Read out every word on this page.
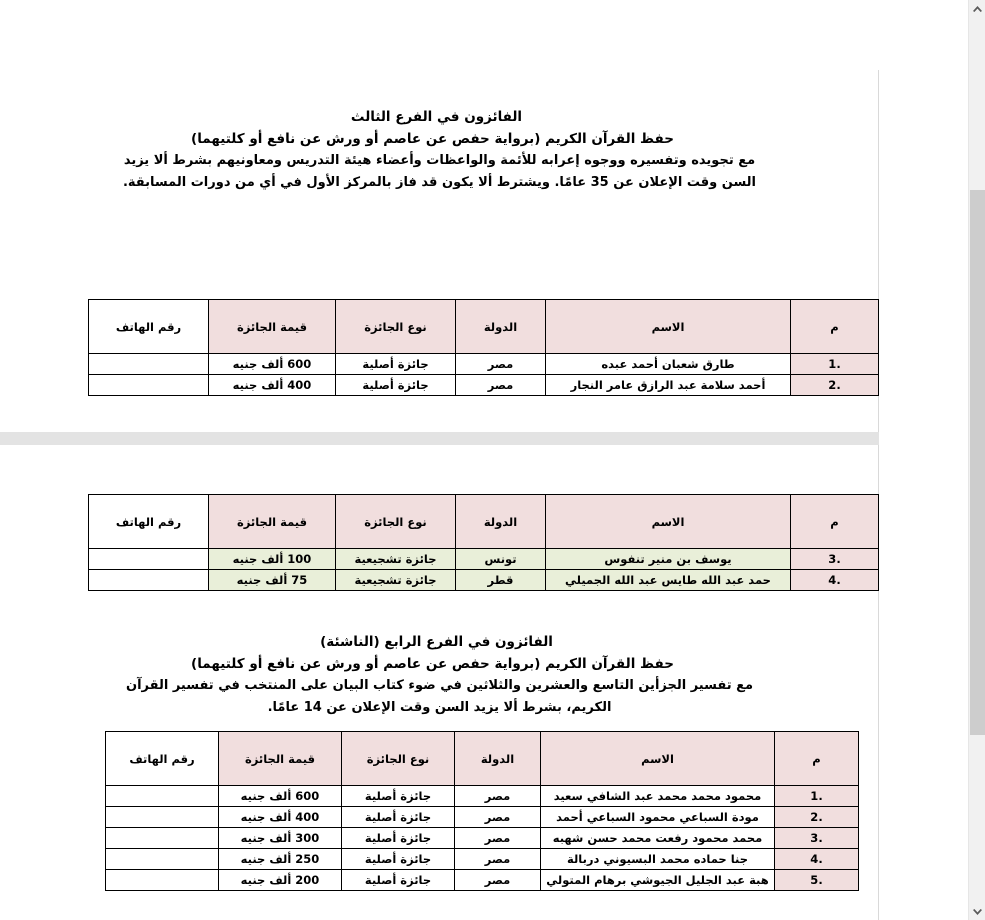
الفائزون في الفرع الثالث
حفظ القرآن الكريم (برواية حفص عن عاصم أو ورش عن نافع أو كلتيهما)
مع تجويده وتفسيره ووجوه إعرابه للأئمة والواعظات وأعضاء هيئة التدريس ومعاونيهم بشرط ألا يزيد
السن وقت الإعلان عن 35 عامًا. ويشترط ألا يكون قد فاز بالمركز الأول في أي من دورات المسابقة.
م	الاسم	الدولة	نوع الجائزة	قيمة الجائزة	رقم الهاتف
.1	طارق شعبان أحمد عبده	مصر	جائزة أصلية	600 ألف جنيه	
.2	أحمد سلامة عبد الرازق عامر النجار	مصر	جائزة أصلية	400 ألف جنيه	
م	الاسم	الدولة	نوع الجائزة	قيمة الجائزة	رقم الهاتف
.3	يوسف بن منير تنفوس	تونس	جائزة تشجيعية	100 ألف جنيه	
.4	حمد عبد الله طايس عبد الله الجميلي	قطر	جائزة تشجيعية	75 ألف جنيه	
الفائزون في الفرع الرابع (الناشئة)
حفظ القرآن الكريم (برواية حفص عن عاصم أو ورش عن نافع أو كلتيهما)
مع تفسير الجزأين التاسع والعشرين والثلاثين في ضوء كتاب البيان على المنتخب في تفسير القرآن
الكريم، بشرط ألا يزيد السن وقت الإعلان عن 14 عامًا.
م	الاسم	الدولة	نوع الجائزة	قيمة الجائزة	رقم الهاتف
.1	محمود محمد محمد عبد الشافي سعيد	مصر	جائزة أصلية	600 ألف جنيه	
.2	مودة السباعي محمود السباعي أحمد	مصر	جائزة أصلية	400 ألف جنيه	
.3	محمد محمود رفعت محمد حسن شهبه	مصر	جائزة أصلية	300 ألف جنيه	
.4	جنا حماده محمد البسيوني دربالة	مصر	جائزة أصلية	250 ألف جنيه	
.5	هبة عبد الجليل الجيوشي برهام المتولي	مصر	جائزة أصلية	200 ألف جنيه	
